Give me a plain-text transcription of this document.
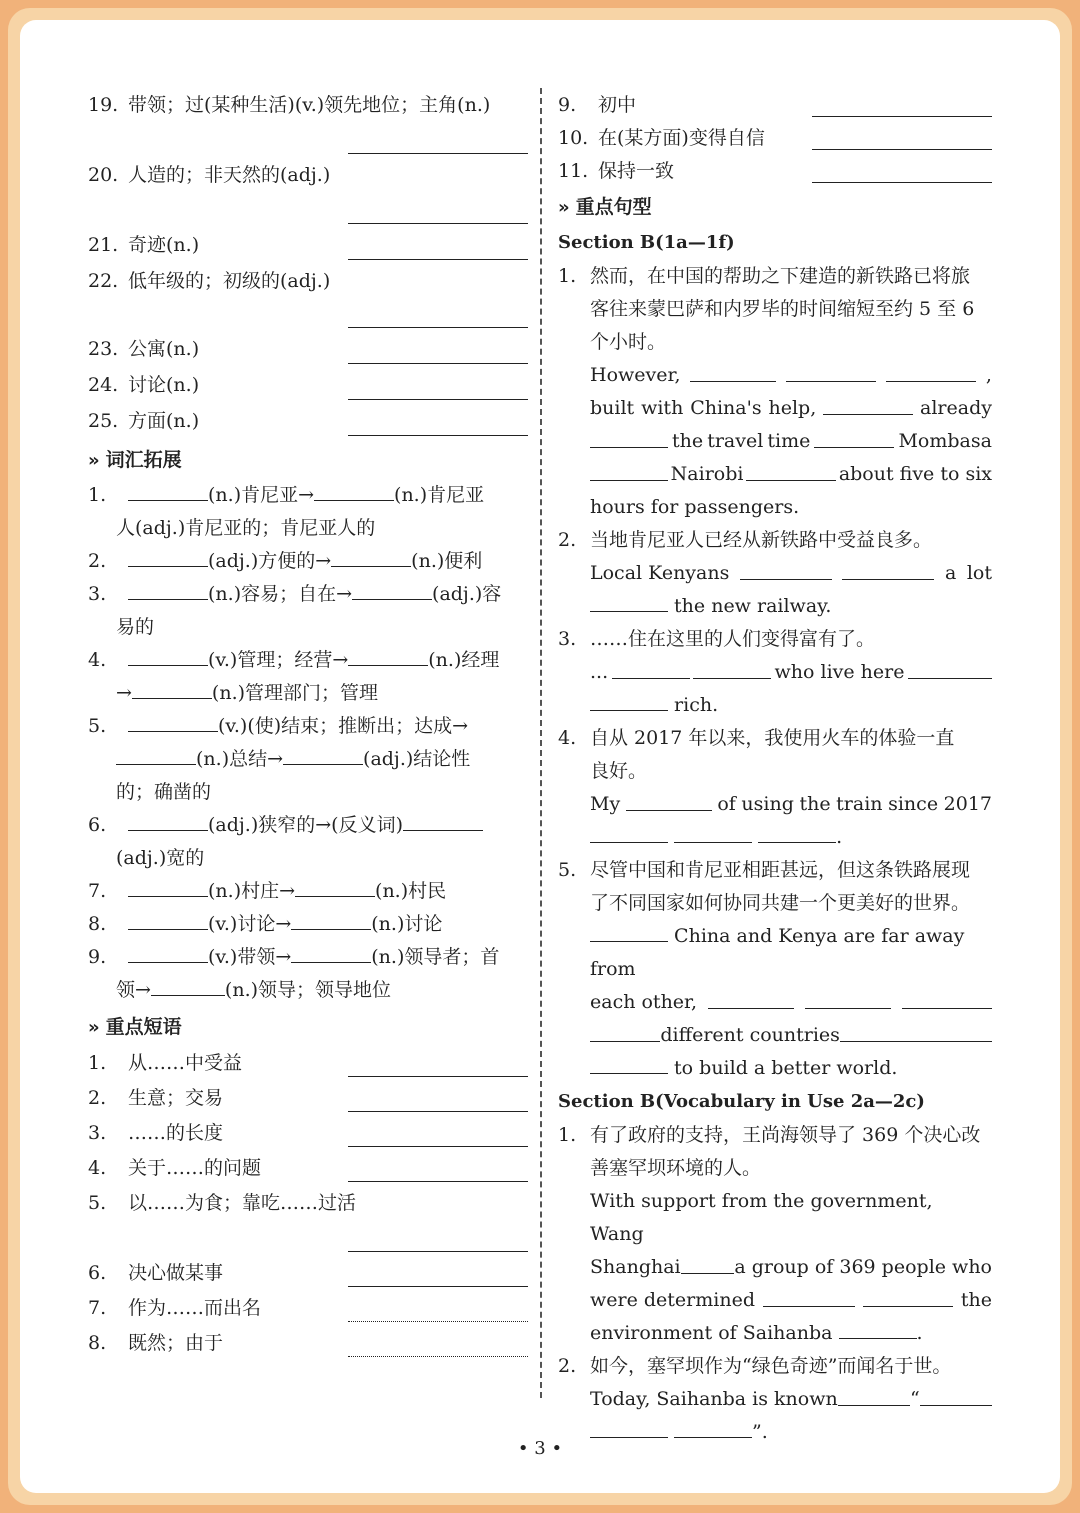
19. 带领；过(某种生活)(v.)领先地位；主角(n.)
20. 人造的；非天然的(adj.)
21. 奇迹(n.)
22. 低年级的；初级的(adj.)
23. 公寓(n.)
24. 讨论(n.)
25. 方面(n.)
» 词汇拓展
1.	(n.)肯尼亚→	(n.)肯尼亚
人(adj.)肯尼亚的；肯尼亚人的
2.	(adj.)方便的→	(n.)便利
3.	(n.)容易；自在→	(adj.)容
易的
4.	(v.)管理；经营→	(n.)经理
→	(n.)管理部门；管理
5.	(v.)(使)结束；推断出；达成→
(n.)总结→	(adj.)结论性
的；确凿的
6.	(adj.)狭窄的→(反义词)
(adj.)宽的
7.	(n.)村庄→	(n.)村民
8.	(v.)讨论→	(n.)讨论
9.	(v.)带领→	(n.)领导者；首
领→	(n.)领导；领导地位
» 重点短语
1. 从……中受益
2. 生意；交易
3. ……的长度
4. 关于……的问题
5. 以……为食；靠吃……过活
6. 决心做某事
7. 作为……而出名
8. 既然；由于
9. 初中
10. 在(某方面)变得自信
11. 保持一致
» 重点句型
Section B(1a—1f)
1. 然而，在中国的帮助之下建造的新铁路已将旅
客往来蒙巴萨和内罗毕的时间缩短至约 5 至 6
个小时。
However,	,
built with China's help,	already
the travel time	Mombasa
Nairobi	about five to six
hours for passengers.
2. 当地肯尼亚人已经从新铁路中受益良多。
Local Kenyans	a lot
the new railway.
3. ……住在这里的人们变得富有了。
...	who live here
rich.
4. 自从 2017 年以来，我使用火车的体验一直
良好。
My	of using the train since 2017
.
5. 尽管中国和肯尼亚相距甚远，但这条铁路展现
了不同国家如何协同共建一个更美好的世界。
China and Kenya are far away from
each other,
different countries
to build a better world.
Section B(Vocabulary in Use 2a—2c)
1. 有了政府的支持，王尚海领导了 369 个决心改
善塞罕坝环境的人。
With support from the government, Wang
Shanghai	a group of 369 people who
were determined	the
environment of Saihanba	.
2. 如今，塞罕坝作为“绿色奇迹”而闻名于世。
Today, Saihanba is known	“
”.
• 3 •
